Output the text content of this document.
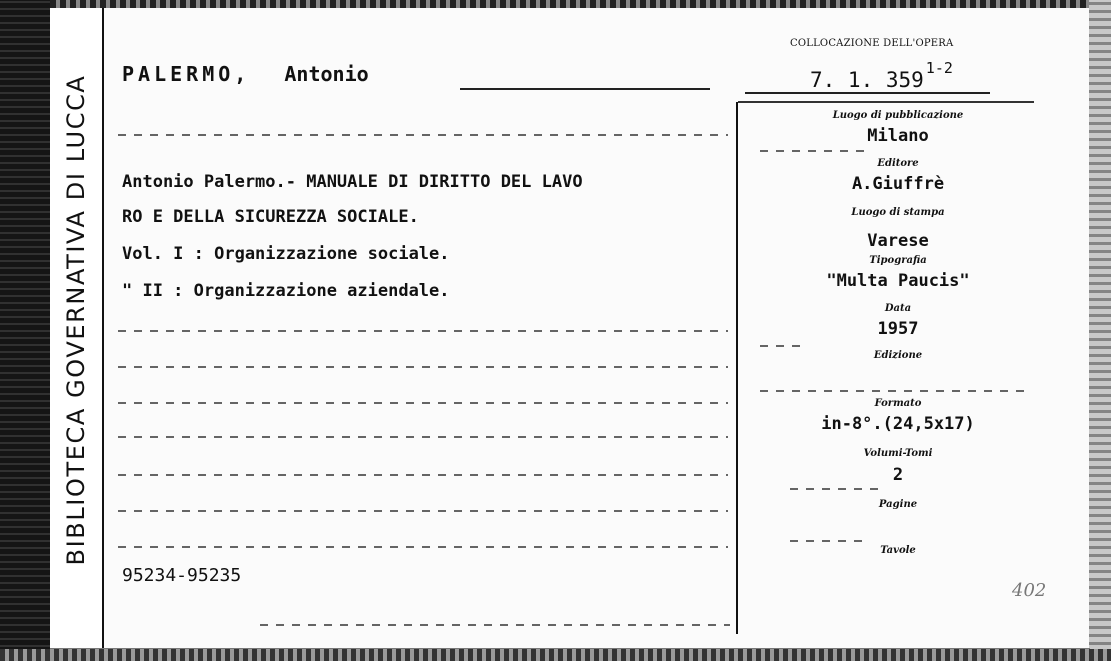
BIBLIOTECA GOVERNATIVA DI LUCCA
PALERMO, Antonio
COLLOCAZIONE DELL'OPERA
7. 1. 359 $^{1-2}$
Antonio Palermo.- MANUALE DI DIRITTO DEL LAVO
RO E DELLA SICUREZZA SOCIALE.
Vol. I : Organizzazione sociale.
" II : Organizzazione aziendale.
95234-95235
Luogo di pubblicazione
Milano
Editore
A.Giuffrè
Luogo di stampa
Varese
Tipografia
"Multa Paucis"
Data
1957
Edizione
Formato
in-8°.(24,5x17)
Volumi-Tomi
2
Pagine
Tavole
402
